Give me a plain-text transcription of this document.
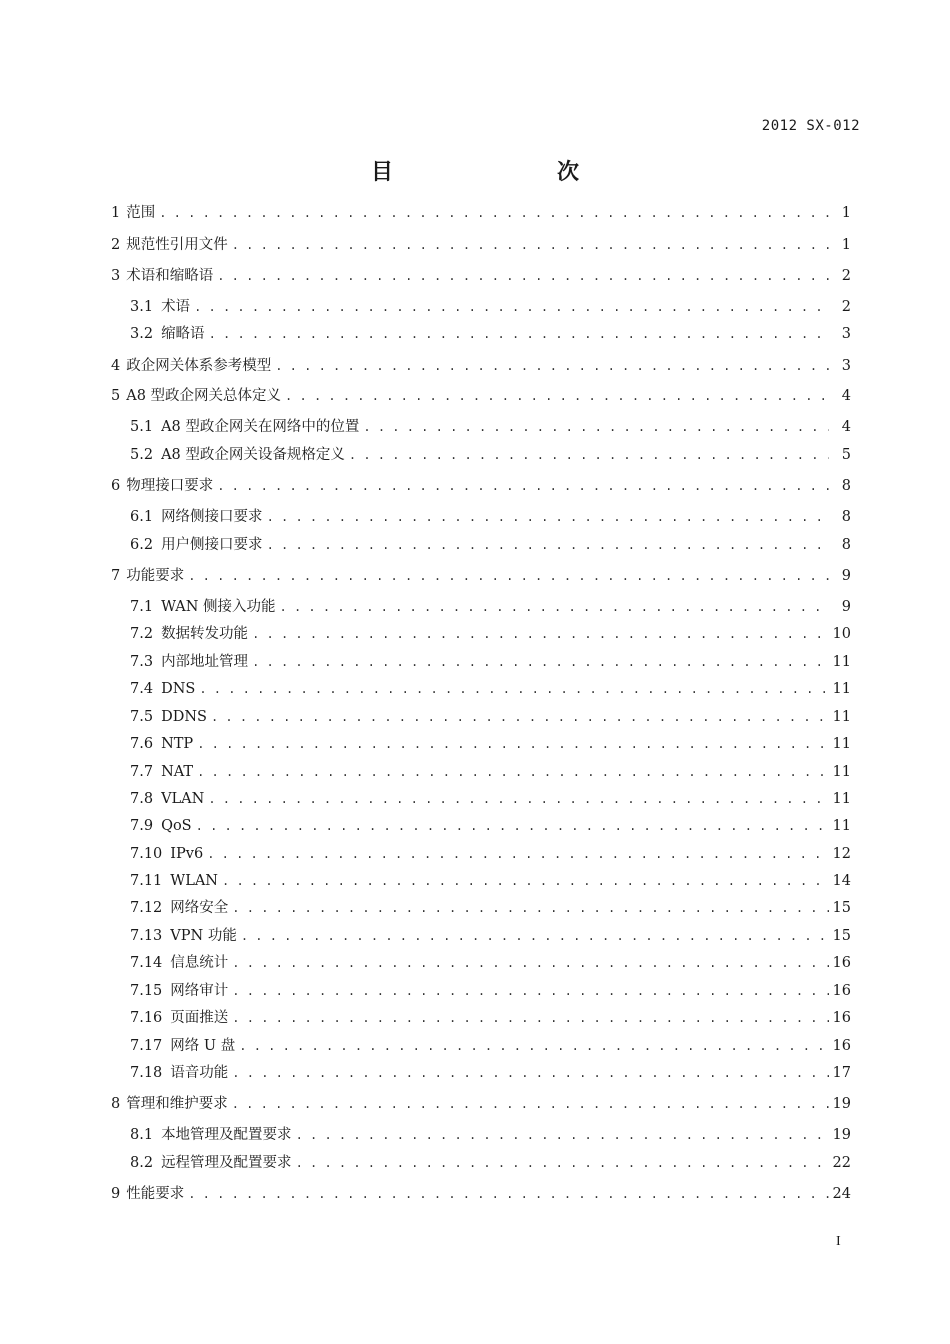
2012 SX-012
目　　次
1 范围 . . .	1
2 规范性引用文件 . . .	1
3 术语和缩略语 . . .	2
3.1 术语 . . .	2
3.2 缩略语 . . .	3
4 政企网关体系参考模型 . . .	3
5 A8 型政企网关总体定义 . . .	4
5.1 A8 型政企网关在网络中的位置 . . .	4
5.2 A8 型政企网关设备规格定义 . . .	5
6 物理接口要求 . . .	8
6.1 网络侧接口要求 . . .	8
6.2 用户侧接口要求 . . .	8
7 功能要求 . . .	9
7.1 WAN 侧接入功能 . . .	9
7.2 数据转发功能 . . .	10
7.3 内部地址管理 . . .	11
7.4 DNS . . .	11
7.5 DDNS . . .	11
7.6 NTP . . .	11
7.7 NAT . . .	11
7.8 VLAN . . .	11
7.9 QoS . . .	11
7.10 IPv6 . . .	12
7.11 WLAN . . .	14
7.12 网络安全 . . .	15
7.13 VPN 功能 . . .	15
7.14 信息统计 . . .	16
7.15 网络审计 . . .	16
7.16 页面推送 . . .	16
7.17 网络 U 盘 . . .	16
7.18 语音功能 . . .	17
8 管理和维护要求 . . .	19
8.1 本地管理及配置要求 . . .	19
8.2 远程管理及配置要求 . . .	22
9 性能要求 . . .	24
I
